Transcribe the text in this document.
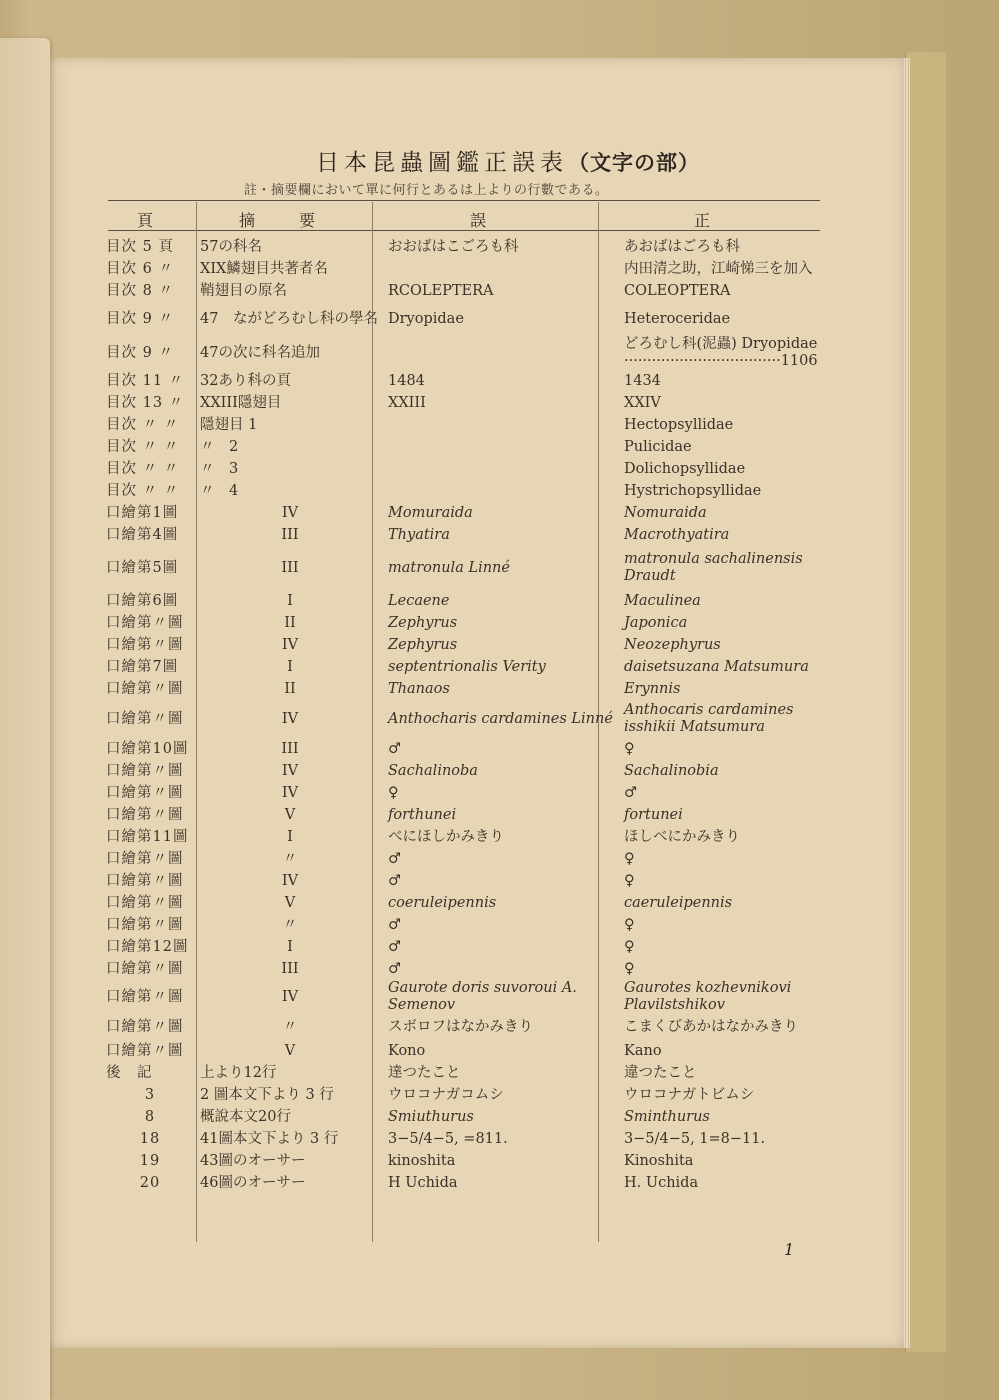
日本昆蟲圖鑑正誤表（文字の部）
註・摘要欄において單に何行とあるは上よりの行數である。
頁	摘　要	誤	正
目次 5 頁	57の科名	おおばはこごろも科	あおばはごろも科
目次 6 〃	XIX鱗翅目共著者名		内田清之助，江崎悌三を加入
目次 8 〃	鞘翅目の原名	RCOLEPTERA	COLEOPTERA
目次 9 〃	47　ながどろむし科の學名	Dryopidae	Heteroceridae
目次 9 〃	47の次に科名追加		どろむし科(泥蟲) Dryopidae ··································1106
目次 11 〃	32あり科の頁	1484	1434
目次 13 〃	XXIII隱翅目	XXIII	XXIV
目次 〃 〃	隱翅目 1		Hectopsyllidae
目次 〃 〃	〃　2		Pulicidae
目次 〃 〃	〃　3		Dolichopsyllidae
目次 〃 〃	〃　4		Hystrichopsyllidae
口繪第1圖	IV	Momuraida	Nomuraida
口繪第4圖	III	Thyatira	Macrothyatira
口繪第5圖	III	matronula Linné	matronula sachalinensis Draudt
口繪第6圖	I	Lecaene	Maculinea
口繪第〃圖	II	Zephyrus	Japonica
口繪第〃圖	IV	Zephyrus	Neozephyrus
口繪第7圖	I	septentrionalis Verity	daisetsuzana Matsumura
口繪第〃圖	II	Thanaos	Erynnis
口繪第〃圖	IV	Anthocharis cardamines Linné	Anthocaris cardamines isshikii Matsumura
口繪第10圖	III	♂	♀
口繪第〃圖	IV	Sachalinoba	Sachalinobia
口繪第〃圖	IV	♀	♂
口繪第〃圖	V	forthunei	fortunei
口繪第11圖	I	べにほしかみきり	ほしべにかみきり
口繪第〃圖	〃	♂	♀
口繪第〃圖	IV	♂	♀
口繪第〃圖	V	coeruleipennis	caeruleipennis
口繪第〃圖	〃	♂	♀
口繪第12圖	I	♂	♀
口繪第〃圖	III	♂	♀
口繪第〃圖	IV	Gaurote doris suvoroui A. Semenov	Gaurotes kozhevnikovi Plavilstshikov
口繪第〃圖	〃	スボロフはなかみきり	こまくびあかはなかみきり
口繪第〃圖	V	Kono	Kano
後　記	上より12行	達つたこと	違つたこと
3	2 圖本文下より 3 行	ウロコナガコムシ	ウロコナガトビムシ
8	概說本文20行	Smiuthurus	Sminthurus
18	41圖本文下より 3 行	3−5/4−5, =811.	3−5/4−5, 1=8−11.
19	43圖のオーサー	kinoshita	Kinoshita
20	46圖のオーサー	H Uchida	H. Uchida
1
